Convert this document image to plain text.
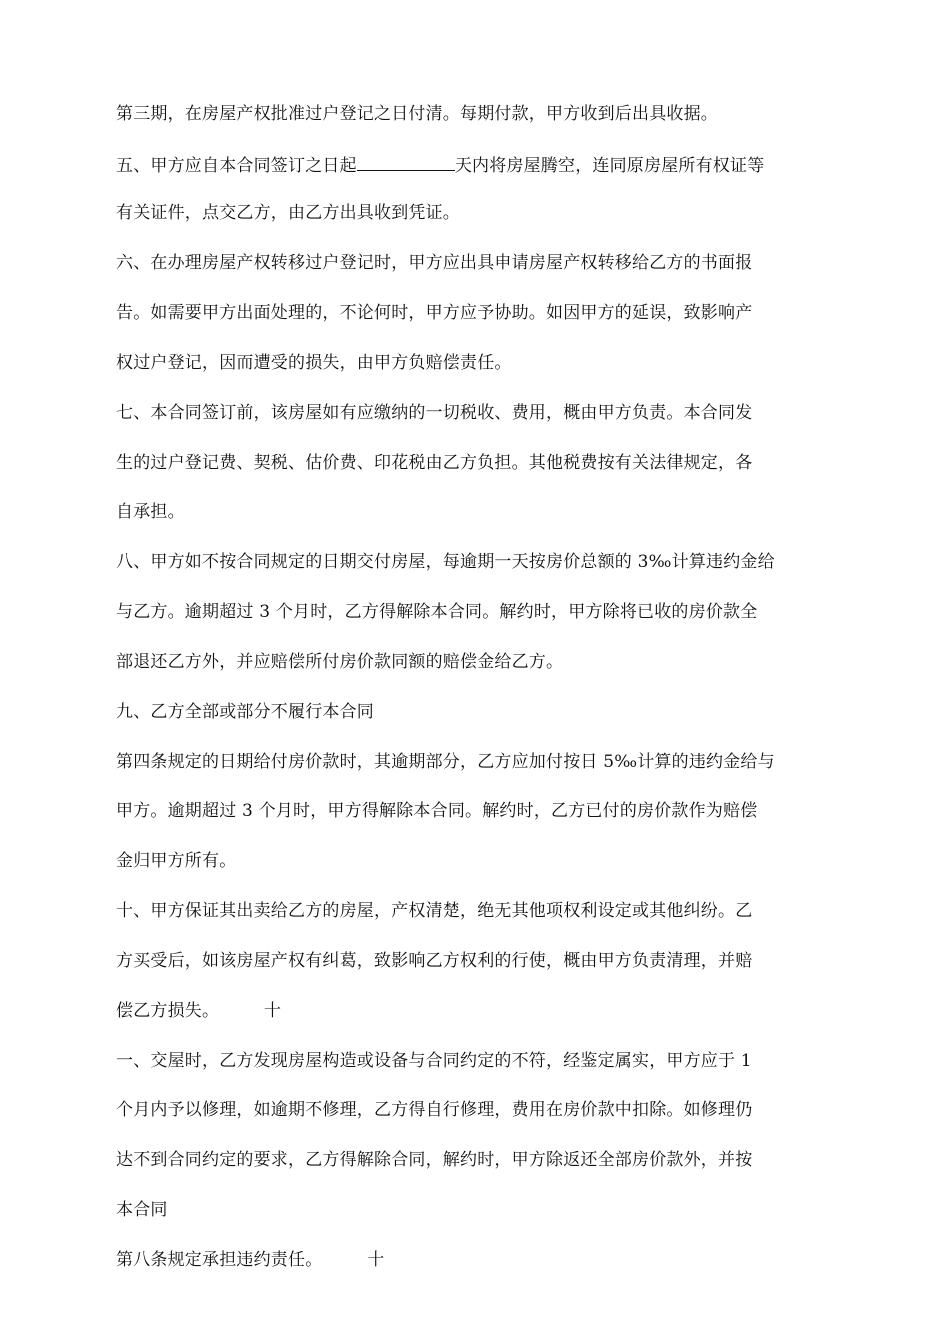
第三期，在房屋产权批准过户登记之日付清。每期付款，甲方收到后出具收据。
五、甲方应自本合同签订之日起	天内将房屋腾空，连同原房屋所有权证等
有关证件，点交乙方，由乙方出具收到凭证。
六、在办理房屋产权转移过户登记时，甲方应出具申请房屋产权转移给乙方的书面报
告。如需要甲方出面处理的，不论何时，甲方应予协助。如因甲方的延误，致影响产
权过户登记，因而遭受的损失，由甲方负赔偿责任。
七、本合同签订前，该房屋如有应缴纳的一切税收、费用，概由甲方负责。本合同发
生的过户登记费、契税、估价费、印花税由乙方负担。其他税费按有关法律规定，各
自承担。
八、甲方如不按合同规定的日期交付房屋，每逾期一天按房价总额的 3‰计算违约金给
与乙方。逾期超过 3 个月时，乙方得解除本合同。解约时，甲方除将已收的房价款全
部退还乙方外，并应赔偿所付房价款同额的赔偿金给乙方。
九、乙方全部或部分不履行本合同
第四条规定的日期给付房价款时，其逾期部分，乙方应加付按日 5‰计算的违约金给与
甲方。逾期超过 3 个月时，甲方得解除本合同。解约时，乙方已付的房价款作为赔偿
金归甲方所有。
十、甲方保证其出卖给乙方的房屋，产权清楚，绝无其他项权利设定或其他纠纷。乙
方买受后，如该房屋产权有纠葛，致影响乙方权利的行使，概由甲方负责清理，并赔
偿乙方损失。        十
一、交屋时，乙方发现房屋构造或设备与合同约定的不符，经鉴定属实，甲方应于 1
个月内予以修理，如逾期不修理，乙方得自行修理，费用在房价款中扣除。如修理仍
达不到合同约定的要求，乙方得解除合同，解约时，甲方除返还全部房价款外，并按
本合同
第八条规定承担违约责任。        十
